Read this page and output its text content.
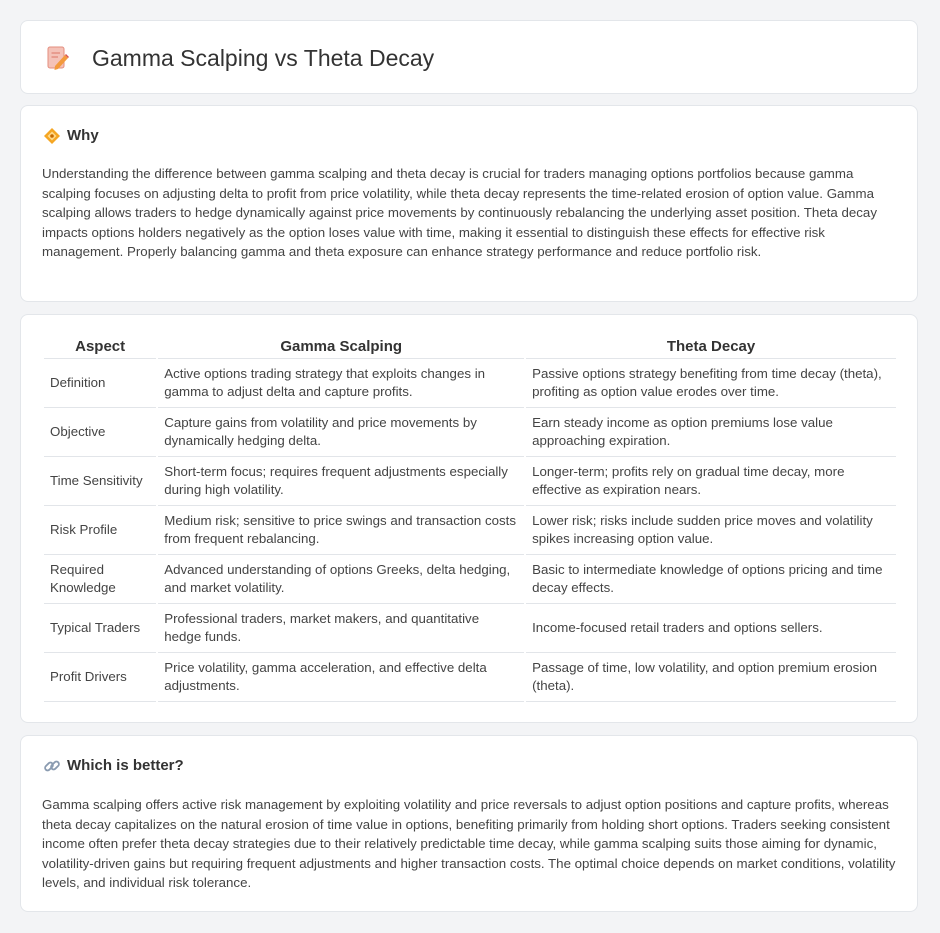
Gamma Scalping vs Theta Decay
Why

Understanding the difference between gamma scalping and theta decay is crucial for traders managing options portfolios because gamma scalping focuses on adjusting delta to profit from price volatility, while theta decay represents the time-related erosion of option value. Gamma scalping allows traders to hedge dynamically against price movements by continuously rebalancing the underlying asset position. Theta decay impacts options holders negatively as the option loses value with time, making it essential to distinguish these effects for effective risk management. Properly balancing gamma and theta exposure can enhance strategy performance and reduce portfolio risk.

Aspect	Gamma Scalping	Theta Decay
Definition	Active options trading strategy that exploits changes in gamma to adjust delta and capture profits.	Passive options strategy benefiting from time decay (theta), profiting as option value erodes over time.
Objective	Capture gains from volatility and price movements by dynamically hedging delta.	Earn steady income as option premiums lose value approaching expiration.
Time Sensitivity	Short-term focus; requires frequent adjustments especially during high volatility.	Longer-term; profits rely on gradual time decay, more effective as expiration nears.
Risk Profile	Medium risk; sensitive to price swings and transaction costs from frequent rebalancing.	Lower risk; risks include sudden price moves and volatility spikes increasing option value.
Required Knowledge	Advanced understanding of options Greeks, delta hedging, and market volatility.	Basic to intermediate knowledge of options pricing and time decay effects.
Typical Traders	Professional traders, market makers, and quantitative hedge funds.	Income-focused retail traders and options sellers.
Profit Drivers	Price volatility, gamma acceleration, and effective delta adjustments.	Passage of time, low volatility, and option premium erosion (theta).
Which is better?

Gamma scalping offers active risk management by exploiting volatility and price reversals to adjust option positions and capture profits, whereas theta decay capitalizes on the natural erosion of time value in options, benefiting primarily from holding short options. Traders seeking consistent income often prefer theta decay strategies due to their relatively predictable time decay, while gamma scalping suits those aiming for dynamic, volatility-driven gains but requiring frequent adjustments and higher transaction costs. The optimal choice depends on market conditions, volatility levels, and individual risk tolerance.
